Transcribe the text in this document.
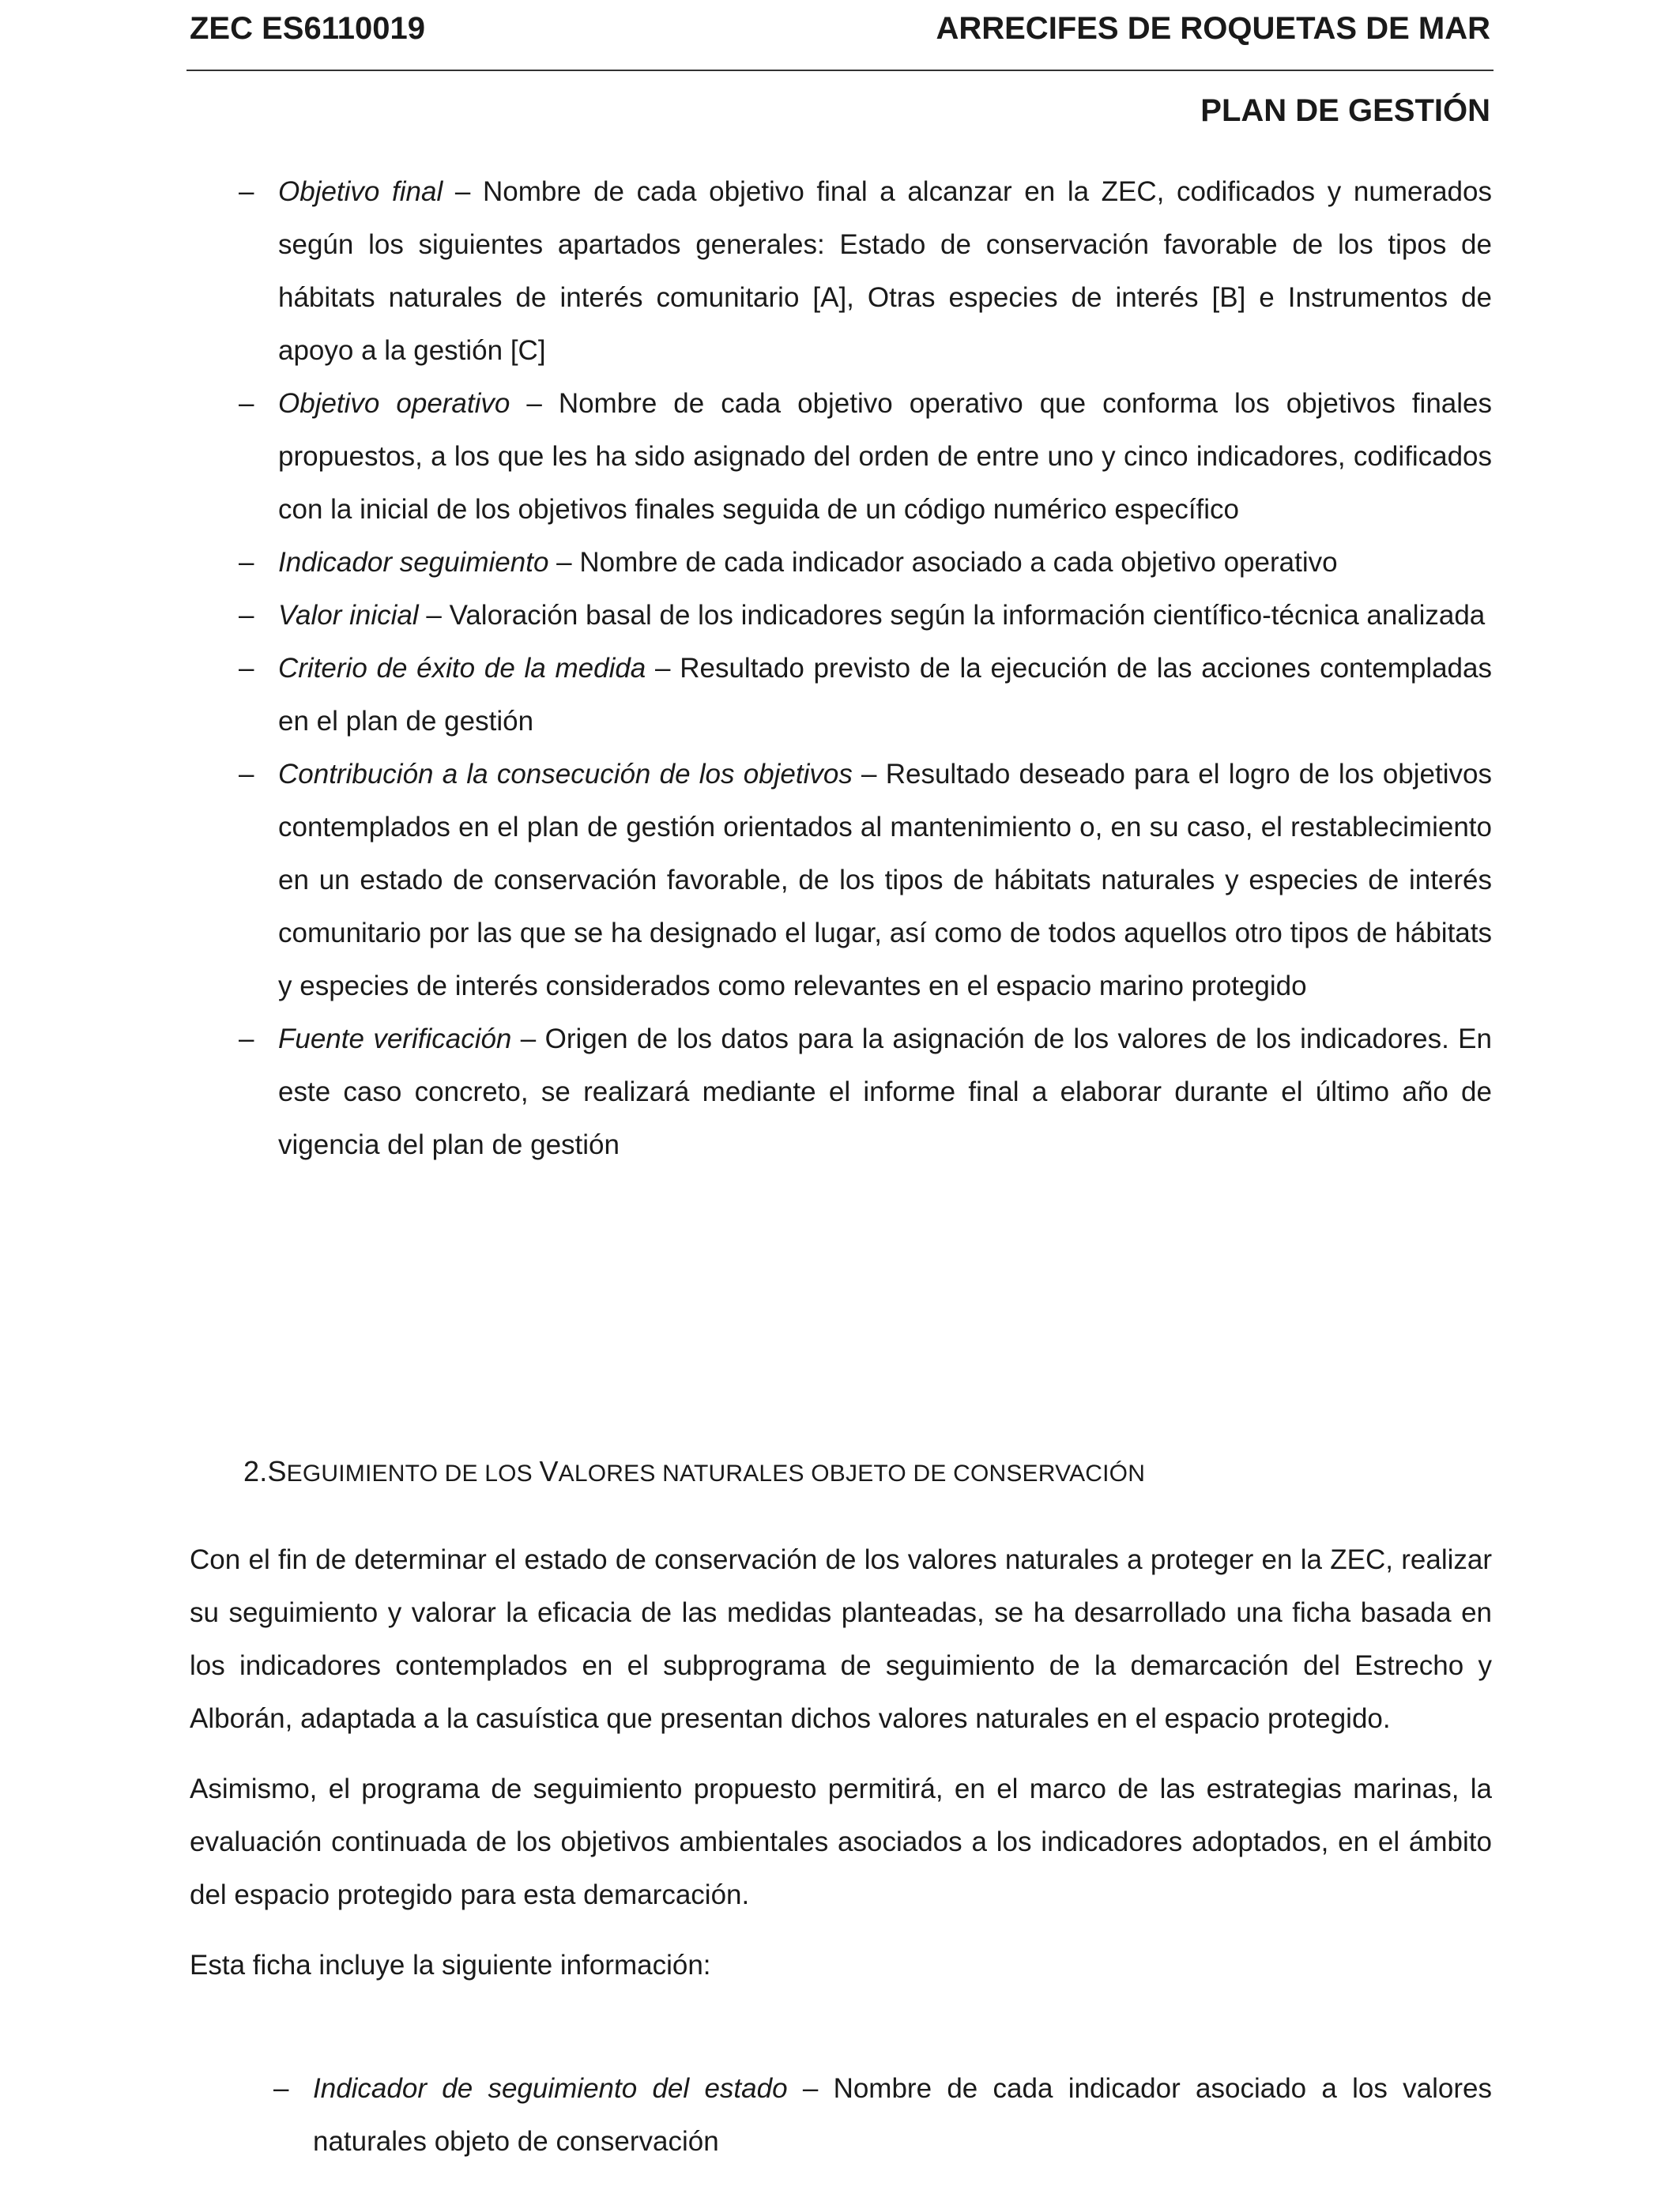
ZEC ES6110019	ARRECIFES DE ROQUETAS DE MAR
PLAN DE GESTIÓN
– Objetivo final – Nombre de cada objetivo final a alcanzar en la ZEC, codificados y numerados según los siguientes apartados generales: Estado de conservación favorable de los tipos de hábitats naturales de interés comunitario [A], Otras especies de interés [B] e Instrumentos de apoyo a la gestión [C]
– Objetivo operativo – Nombre de cada objetivo operativo que conforma los objetivos finales propuestos, a los que les ha sido asignado del orden de entre uno y cinco indicadores, codificados con la inicial de los objetivos finales seguida de un código numérico específico
– Indicador seguimiento – Nombre de cada indicador asociado a cada objetivo operativo
– Valor inicial – Valoración basal de los indicadores según la información científico-técnica analizada
– Criterio de éxito de la medida – Resultado previsto de la ejecución de las acciones contempladas en el plan de gestión
– Contribución a la consecución de los objetivos – Resultado deseado para el logro de los objetivos contemplados en el plan de gestión orientados al mantenimiento o, en su caso, el restablecimiento en un estado de conservación favorable, de los tipos de hábitats naturales y especies de interés comunitario por las que se ha designado el lugar, así como de todos aquellos otro tipos de hábitats y especies de interés considerados como relevantes en el espacio marino protegido
– Fuente verificación – Origen de los datos para la asignación de los valores de los indicadores. En este caso concreto, se realizará mediante el informe final a elaborar durante el último año de vigencia del plan de gestión
2.SEGUIMIENTO DE LOS VALORES NATURALES OBJETO DE CONSERVACIÓN

Con el fin de determinar el estado de conservación de los valores naturales a proteger en la ZEC, realizar su seguimiento y valorar la eficacia de las medidas planteadas, se ha desarrollado una ficha basada en los indicadores contemplados en el subprograma de seguimiento de la demarcación del Estrecho y Alborán, adaptada a la casuística que presentan dichos valores naturales en el espacio protegido.

Asimismo, el programa de seguimiento propuesto permitirá, en el marco de las estrategias marinas, la evaluación continuada de los objetivos ambientales asociados a los indicadores adoptados, en el ámbito del espacio protegido para esta demarcación.

Esta ficha incluye la siguiente información:

– Indicador de seguimiento del estado – Nombre de cada indicador asociado a los valores naturales objeto de conservación
